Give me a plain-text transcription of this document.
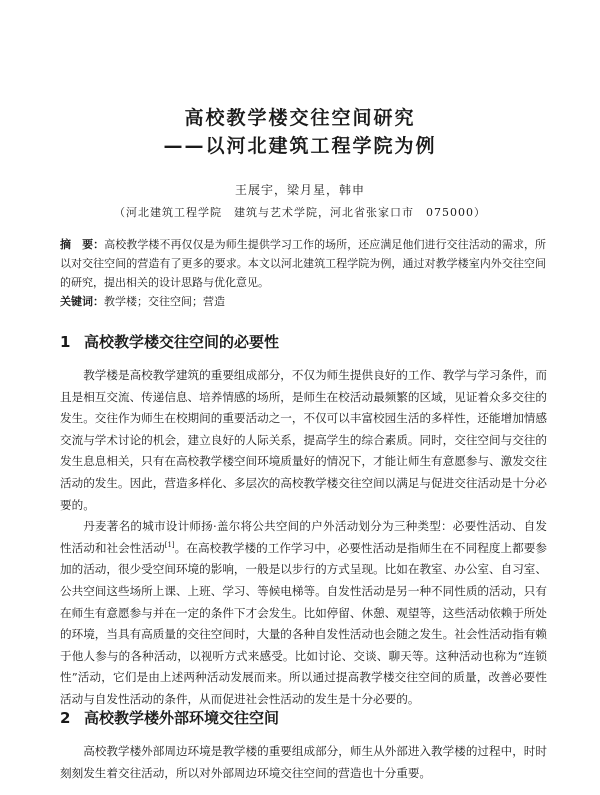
高校教学楼交往空间研究
——以河北建筑工程学院为例

王展宇，梁月星，韩申

（河北建筑工程学院　建筑与艺术学院，河北省张家口市　075000）

摘　要：高校教学楼不再仅仅是为师生提供学习工作的场所，还应满足他们进行交往活动的需求，所以对交往空间的营造有了更多的要求。本文以河北建筑工程学院为例，通过对教学楼室内外交往空间的研究，提出相关的设计思路与优化意见。

关键词：教学楼；交往空间；营造

1 高校教学楼交往空间的必要性

教学楼是高校教学建筑的重要组成部分，不仅为师生提供良好的工作、教学与学习条件，而且是相互交流、传递信息、培养情感的场所，是师生在校活动最频繁的区域，见证着众多交往的发生。交往作为师生在校期间的重要活动之一，不仅可以丰富校园生活的多样性，还能增加情感交流与学术讨论的机会，建立良好的人际关系，提高学生的综合素质。同时，交往空间与交往的发生息息相关，只有在高校教学楼空间环境质量好的情况下，才能让师生有意愿参与、激发交往活动的发生。因此，营造多样化、多层次的高校教学楼交往空间以满足与促进交往活动是十分必要的。

丹麦著名的城市设计师扬·盖尔将公共空间的户外活动划分为三种类型：必要性活动、自发性活动和社会性活动[1]。在高校教学楼的工作学习中，必要性活动是指师生在不同程度上都要参加的活动，很少受空间环境的影响，一般是以步行的方式呈现。比如在教室、办公室、自习室、公共空间这些场所上课、上班、学习、等候电梯等。自发性活动是另一种不同性质的活动，只有在师生有意愿参与并在一定的条件下才会发生。比如停留、休憩、观望等，这些活动依赖于所处的环境，当具有高质量的交往空间时，大量的各种自发性活动也会随之发生。社会性活动指有赖于他人参与的各种活动，以视听方式来感受。比如讨论、交谈、聊天等。这种活动也称为“连锁性”活动，它们是由上述两种活动发展而来。所以通过提高教学楼交往空间的质量，改善必要性活动与自发性活动的条件，从而促进社会性活动的发生是十分必要的。

2 高校教学楼外部环境交往空间

高校教学楼外部周边环境是教学楼的重要组成部分，师生从外部进入教学楼的过程中，时时刻刻发生着交往活动，所以对外部周边环境交往空间的营造也十分重要。
